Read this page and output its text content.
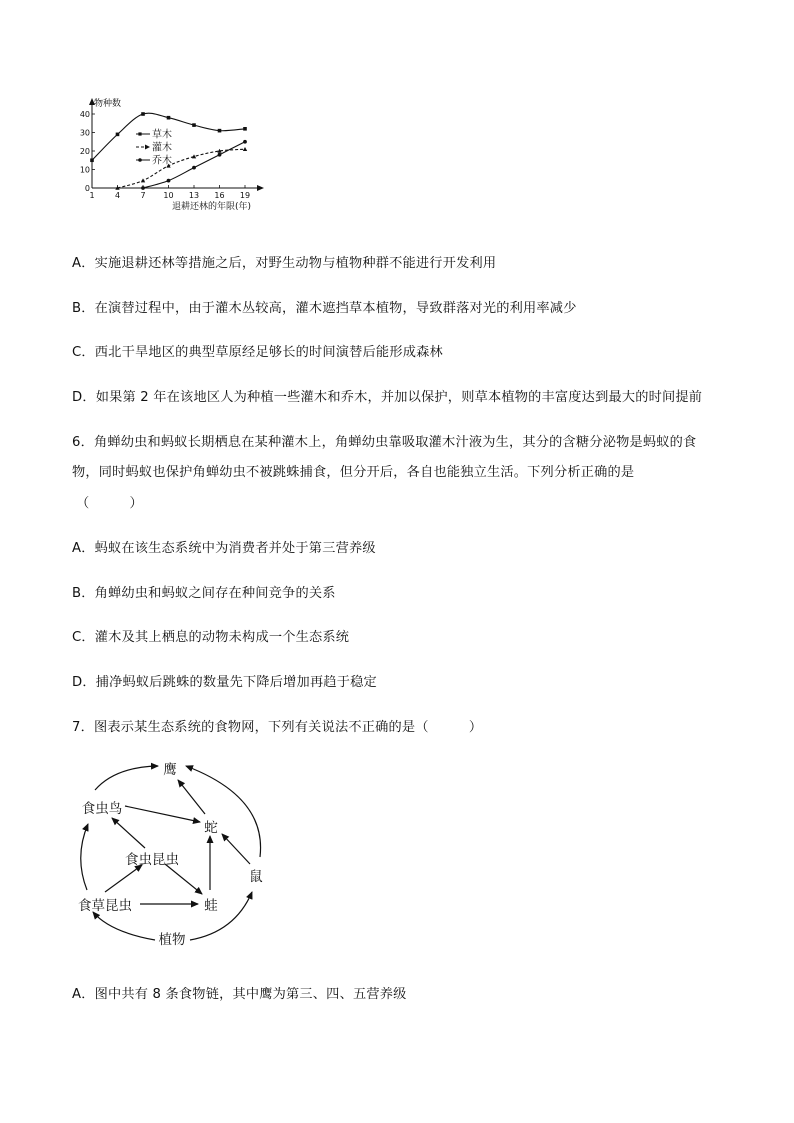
0
10
20
30
40
1	4	7 10 13 16 19
物种数
退耕还林的年限(年)
草木
灌木
乔木
A．实施退耕还林等措施之后，对野生动物与植物种群不能进行开发利用
B．在演替过程中，由于灌木丛较高，灌木遮挡草本植物，导致群落对光的利用率减少
C．西北干旱地区的典型草原经足够长的时间演替后能形成森林
D．如果第 2 年在该地区人为种植一些灌木和乔木，并加以保护，则草本植物的丰富度达到最大的时间提前
6．角蝉幼虫和蚂蚁长期栖息在某种灌木上，角蝉幼虫靠吸取灌木汁液为生，其分的含糖分泌物是蚂蚁的食
物，同时蚂蚁也保护角蝉幼虫不被跳蛛捕食，但分开后，各自也能独立生活。下列分析正确的是
（　　　）
A．蚂蚁在该生态系统中为消费者并处于第三营养级
B．角蝉幼虫和蚂蚁之间存在种间竞争的关系
C．灌木及其上栖息的动物未构成一个生态系统
D．捕净蚂蚁后跳蛛的数量先下降后增加再趋于稳定
7．图表示某生态系统的食物网，下列有关说法不正确的是（　　　）
鹰
食虫鸟
蛇
食虫昆虫
鼠
食草昆虫	蛙
植物
A．图中共有 8 条食物链，其中鹰为第三、四、五营养级
